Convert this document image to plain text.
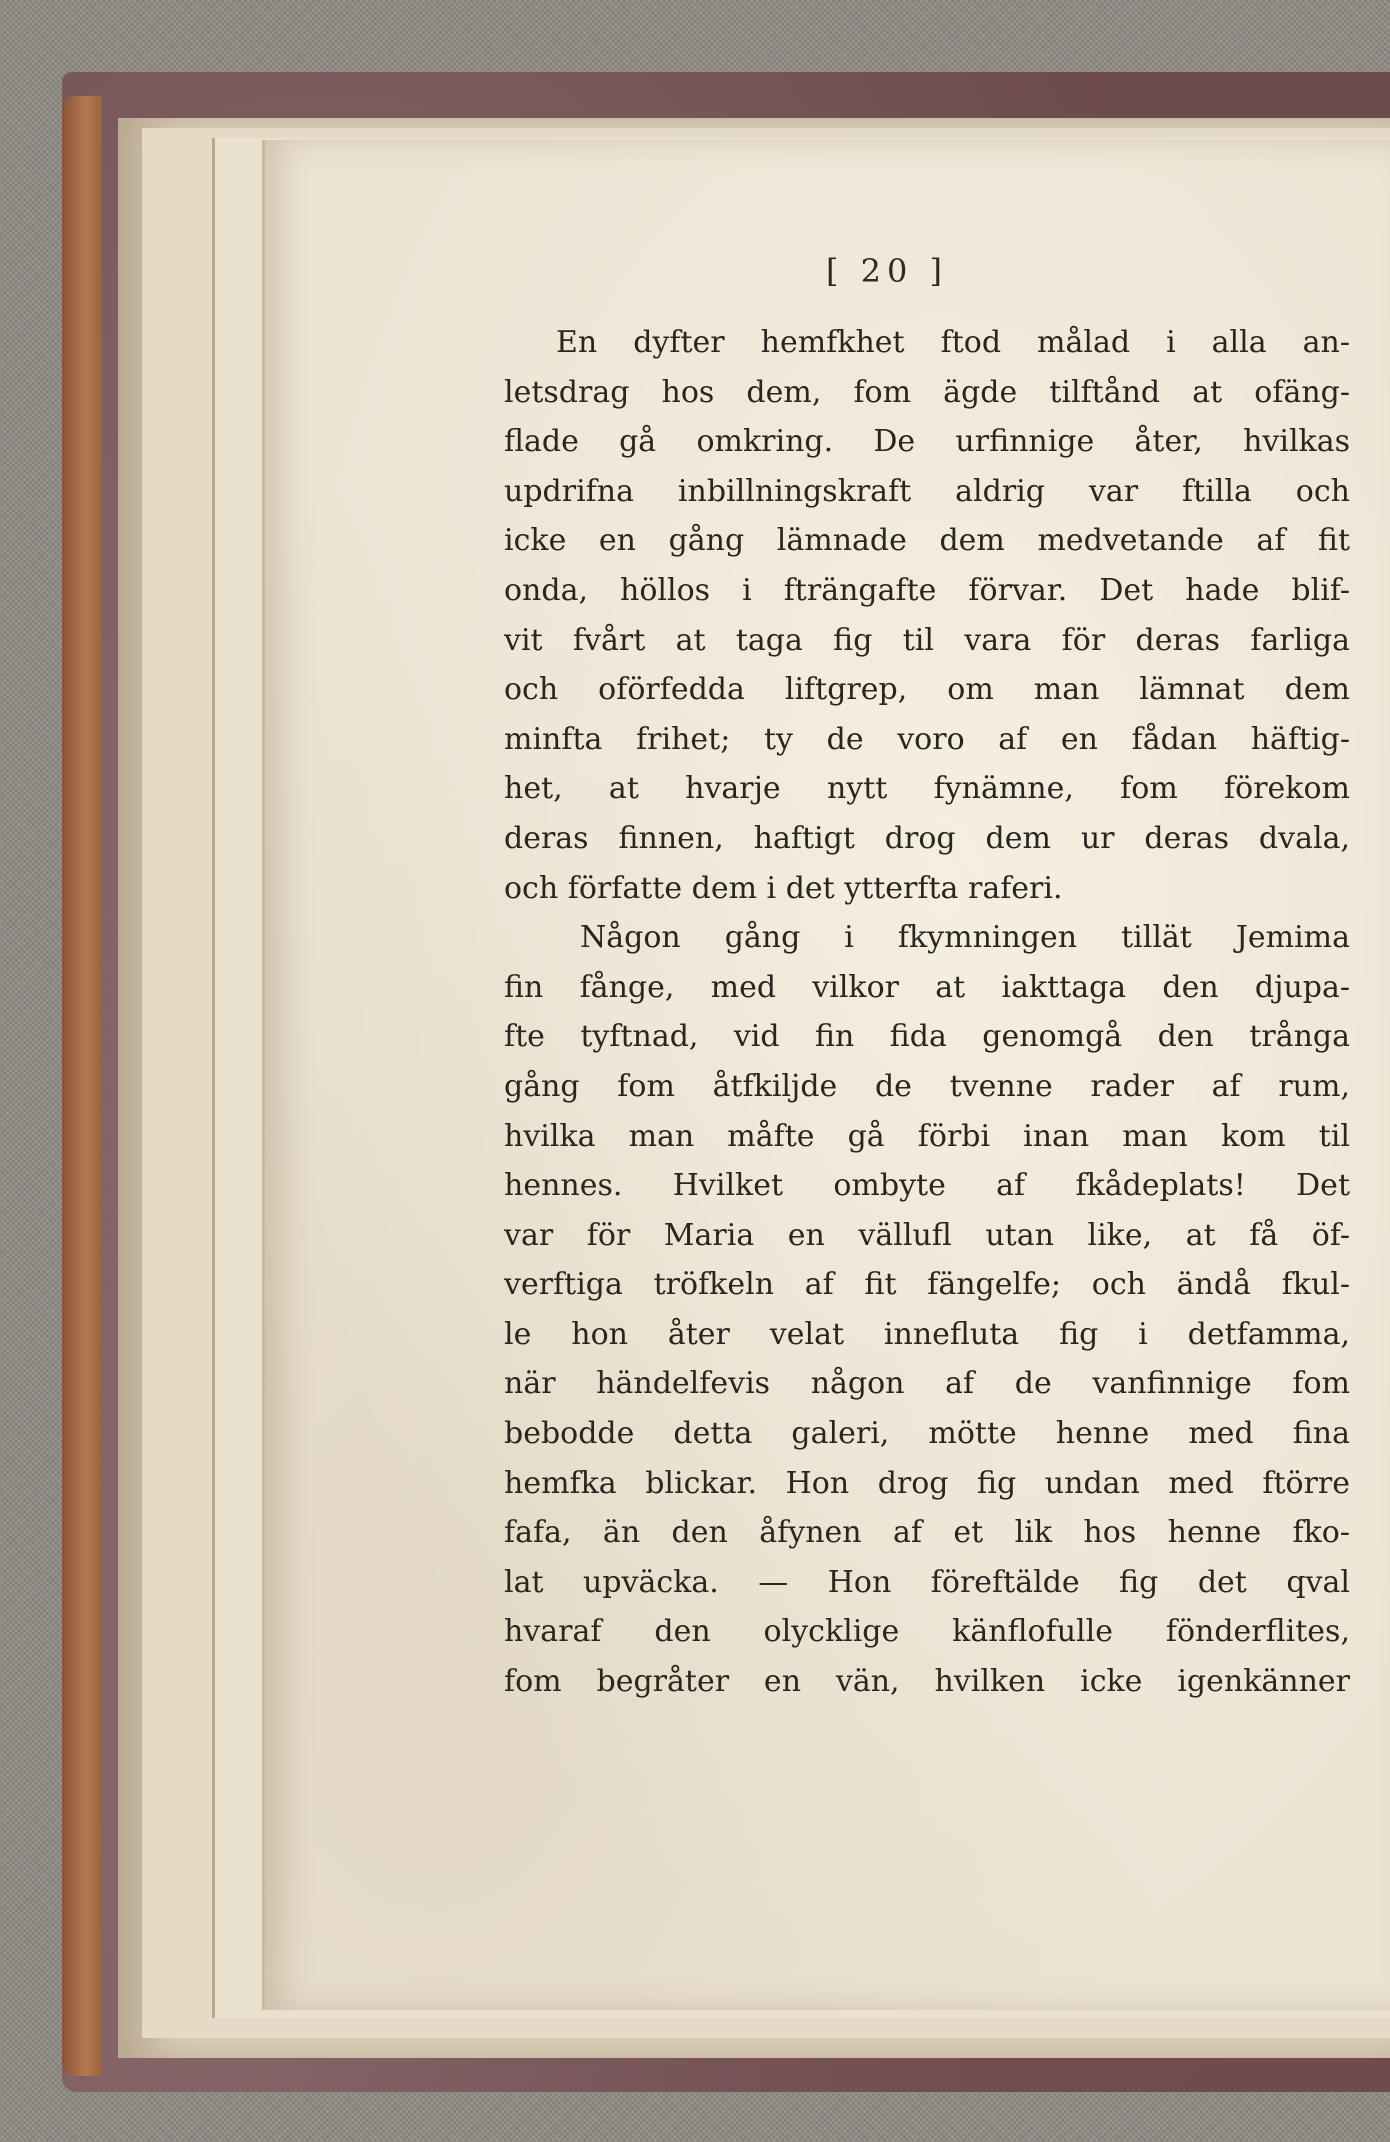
[ 20 ]
En dyfter hemfkhet ftod målad i alla an-
letsdrag hos dem, fom ägde tilftånd at ofäng-
flade gå omkring. De urfinnige åter, hvilkas
updrifna inbillningskraft aldrig var ftilla och
icke en gång lämnade dem medvetande af fit
onda, höllos i fträngafte förvar. Det hade blif-
vit fvårt at taga fig til vara för deras farliga
och oförfedda liftgrep, om man lämnat dem
minfta frihet; ty de voro af en fådan häftig-
het, at hvarje nytt fynämne, fom förekom
deras finnen, haftigt drog dem ur deras dvala,
och författe dem i det ytterfta raferi.
Någon gång i fkymningen tillät Jemima
fin fånge, med vilkor at iakttaga den djupa-
fte tyftnad, vid fin fida genomgå den trånga
gång fom åtfkiljde de tvenne rader af rum,
hvilka man måfte gå förbi inan man kom til
hennes. Hvilket ombyte af fkådeplats! Det
var för Maria en vällufl utan like, at få öf-
verftiga tröfkeln af fit fängelfe; och ändå fkul-
le hon åter velat innefluta fig i detfamma,
när händelfevis någon af de vanfinnige fom
bebodde detta galeri, mötte henne med fina
hemfka blickar. Hon drog fig undan med ftörre
fafa, än den åfynen af et lik hos henne fko-
lat upväcka. — Hon föreftälde fig det qval
hvaraf den olycklige känflofulle fönderflites,
fom begråter en vän, hvilken icke igenkänner
